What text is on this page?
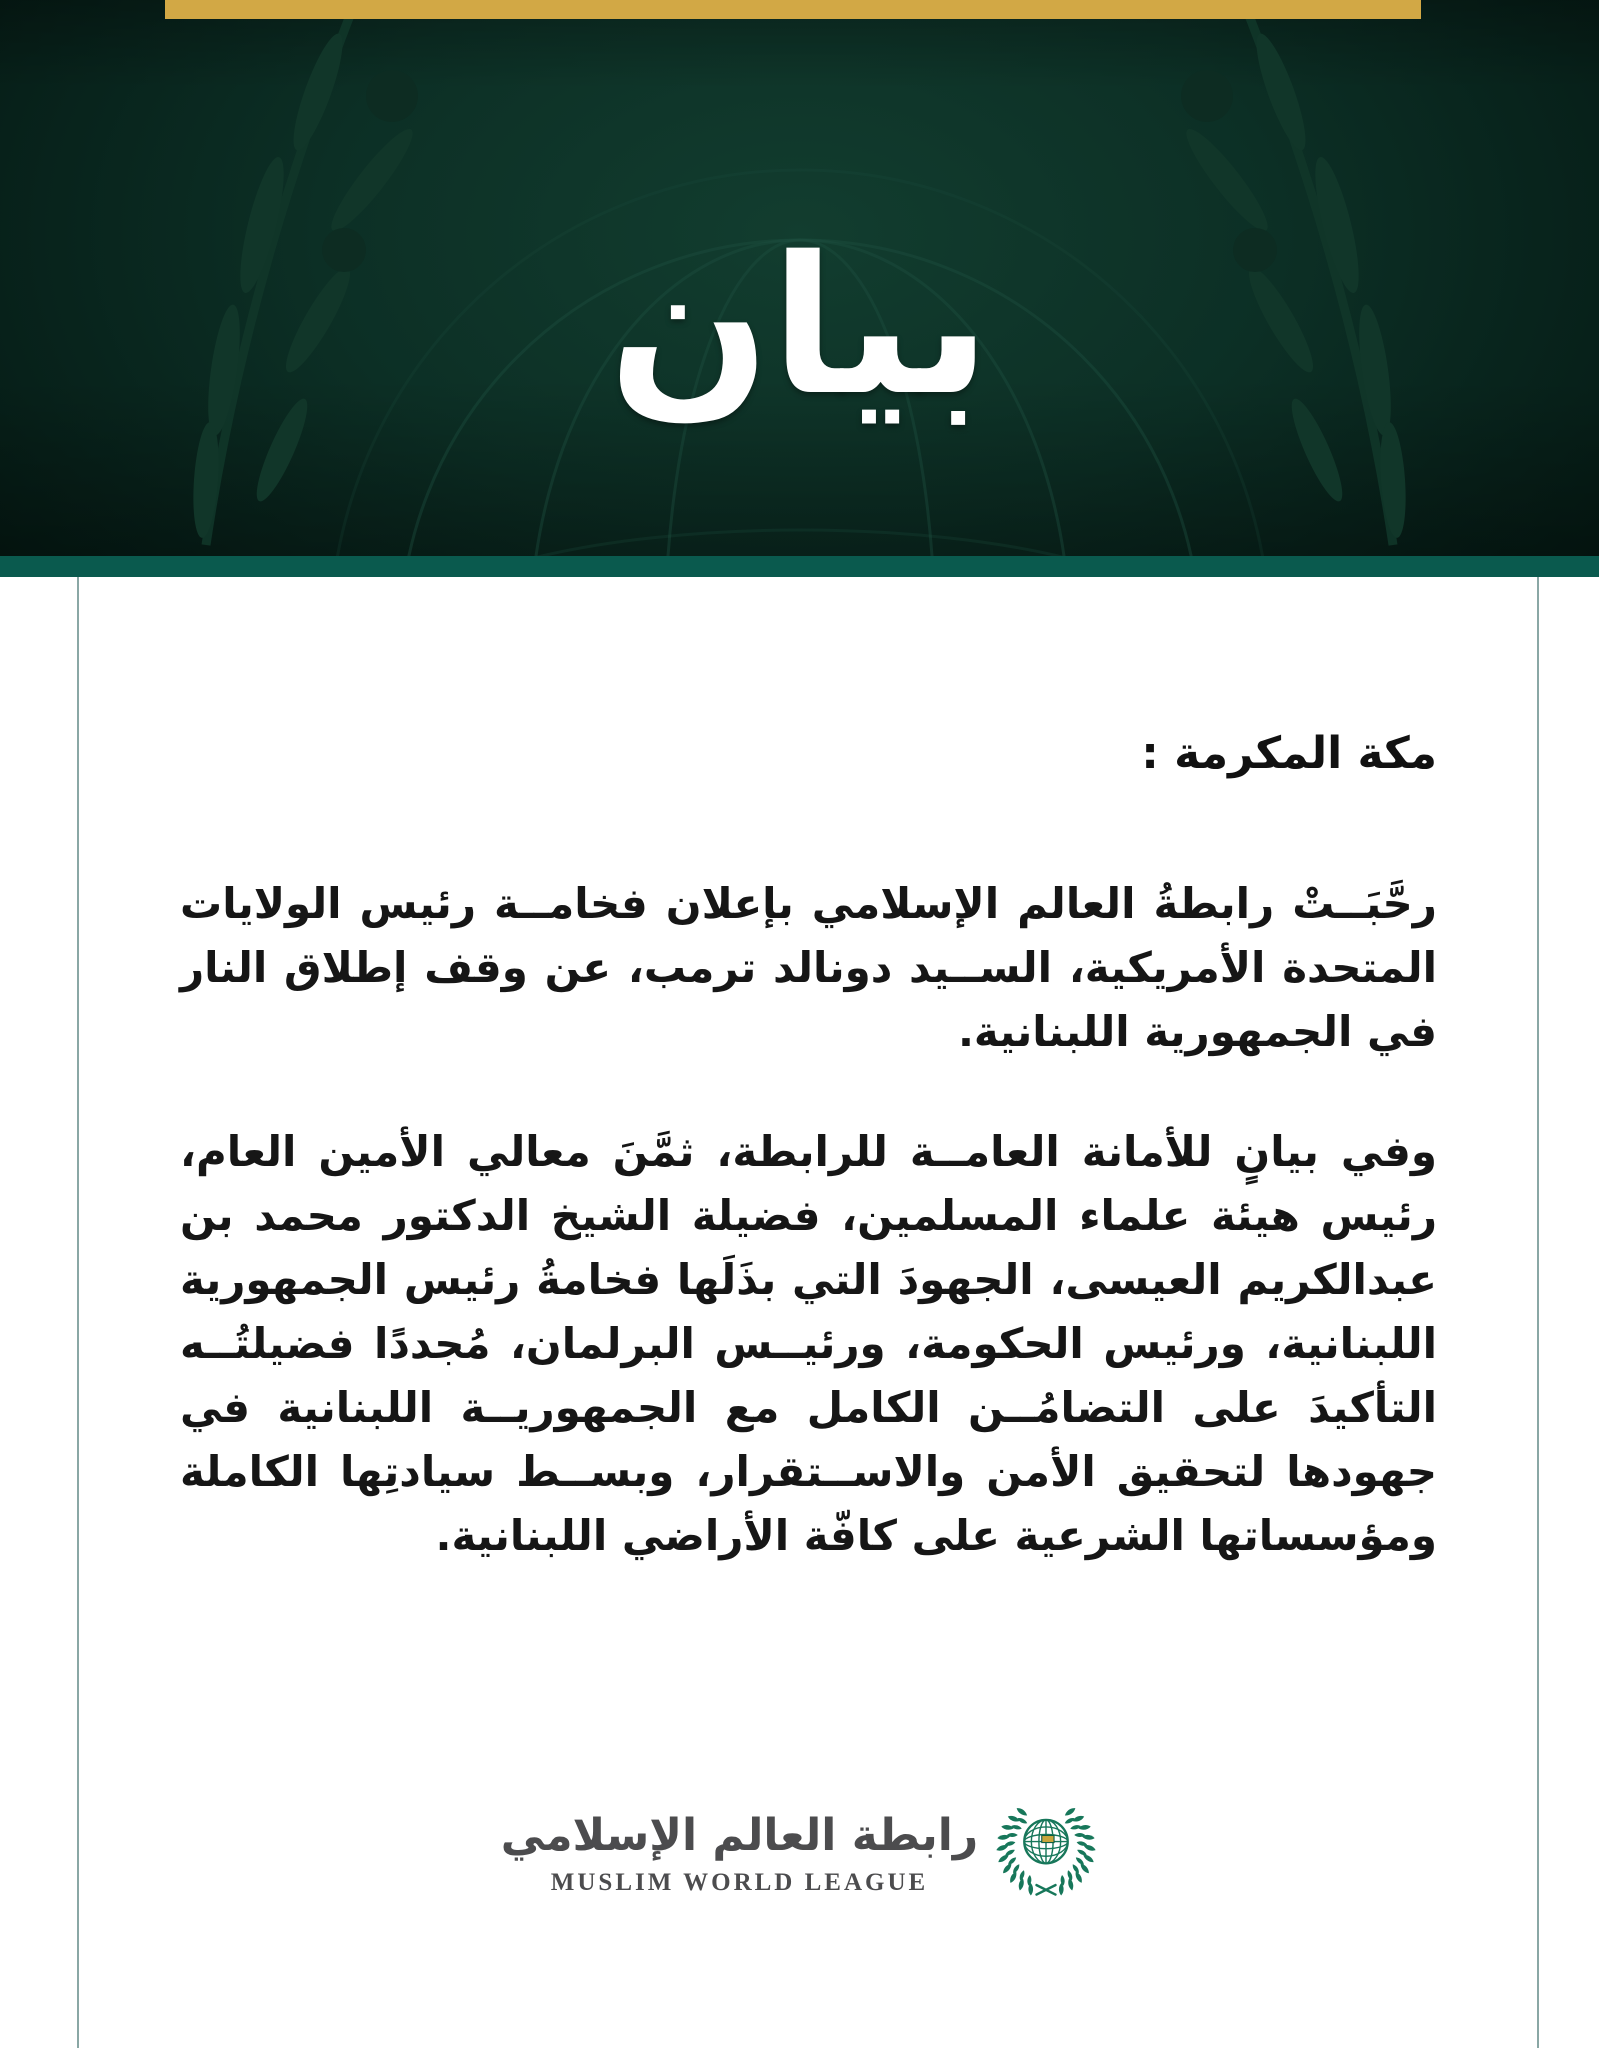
بيان
مكة المكرمة :

رحَّبَــتْ رابطةُ العالم الإسلامي بإعلان فخامــة رئيس الولايات المتحدة الأمريكية، الســيد دونالد ترمب، عن وقف إطلاق النار في الجمهورية اللبنانية.

وفي بيانٍ للأمانة العامــة للرابطة، ثمَّنَ معالي الأمين العام، رئيس هيئة علماء المسلمين، فضيلة الشيخ الدكتور محمد بن عبدالكريم العيسى، الجهودَ التي بذَلَها فخامةُ رئيس الجمهورية اللبنانية، ورئيس الحكومة، ورئيــس البرلمان، مُجددًا فضيلتُــه التأكيدَ على التضامُــن الكامل مع الجمهوريــة اللبنانية في جهودها لتحقيق الأمن والاســتقرار، وبســط سيادتِها الكاملة ومؤسساتها الشرعية على كافّة الأراضي اللبنانية.

رابطة العالم الإسلامي
MUSLIM WORLD LEAGUE
